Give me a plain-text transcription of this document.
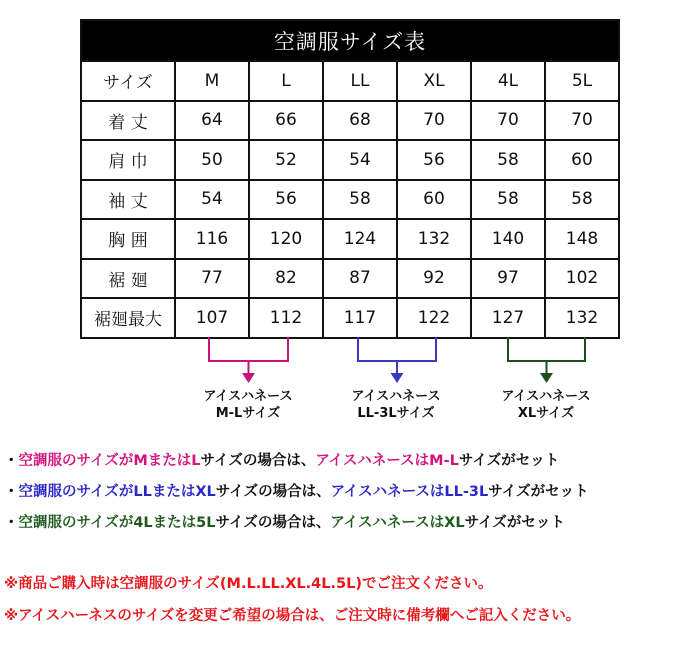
空調服サイズ表						
サイズ	M	L	LL	XL	4L	5L
着 丈	64	66	68	70	70	70
肩 巾	50	52	54	56	58	60
袖 丈	54	56	58	60	58	58
胸 囲	116	120	124	132	140	148
裾 廻	77	82	87	92	97	102
裾廻最大	107	112	117	122	127	132
アイスハネース
M-Lサイズ
アイスハネース
LL-3Lサイズ
アイスハネース
XLサイズ
・空調服のサイズがMまたはLサイズの場合は、アイスハネースはM-Lサイズがセット
・空調服のサイズがLLまたはXLサイズの場合は、アイスハネースはLL-3Lサイズがセット
・空調服のサイズが4Lまたは5Lサイズの場合は、アイスハネースはXLサイズがセット
※商品ご購入時は空調服のサイズ(M.L.LL.XL.4L.5L)でご注文ください。
※アイスハーネスのサイズを変更ご希望の場合は、ご注文時に備考欄へご記入ください。
